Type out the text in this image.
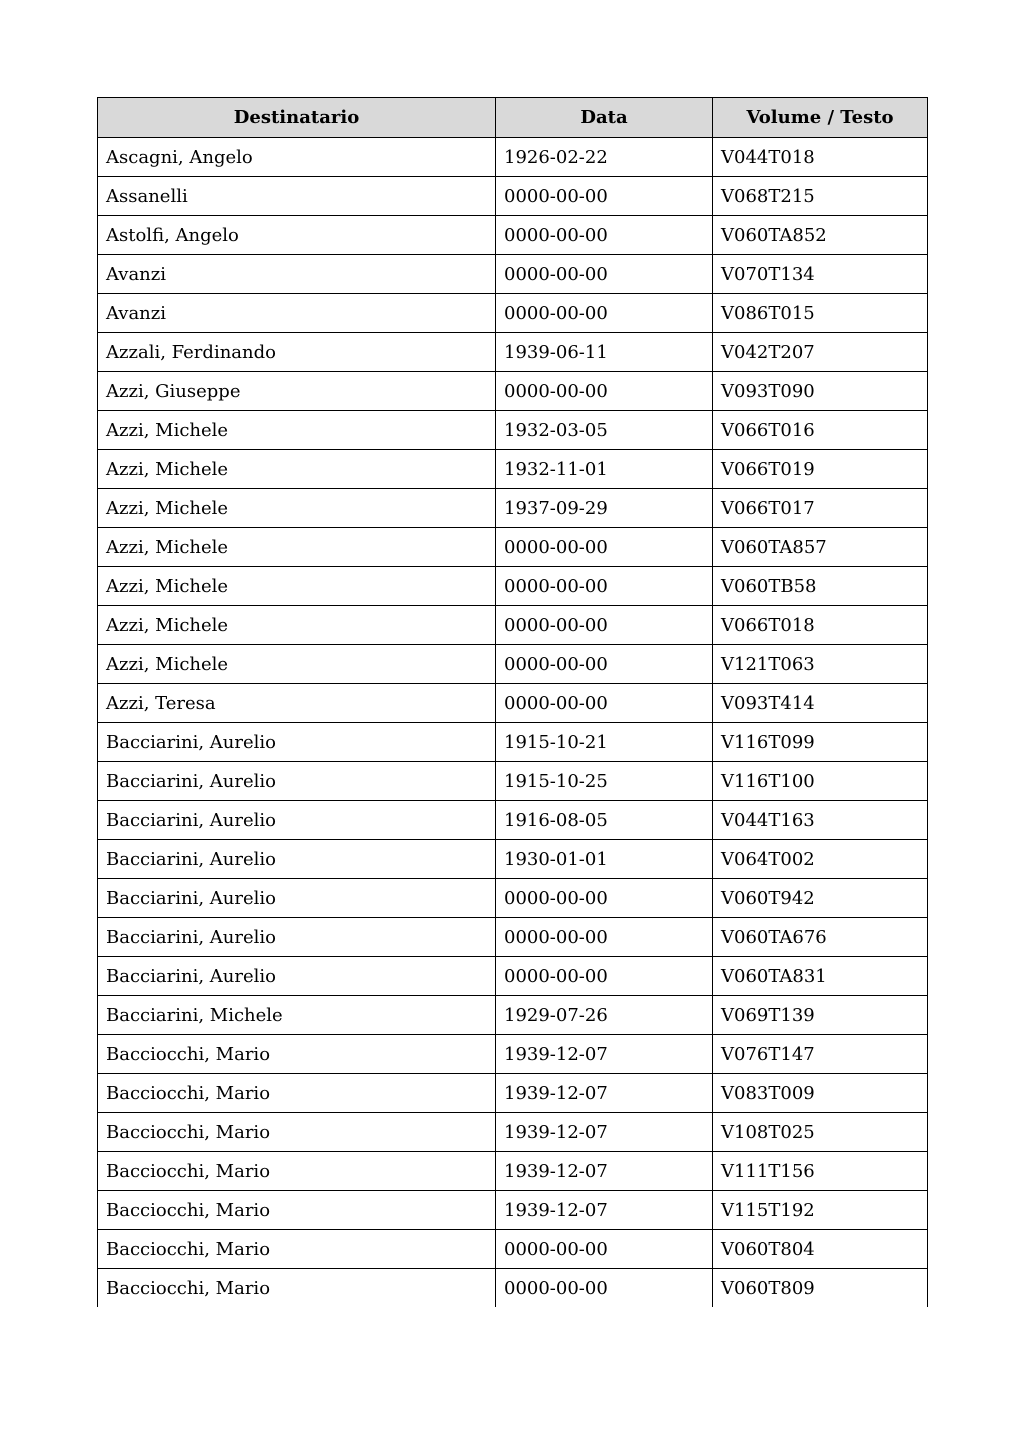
Destinatario	Data	Volume / Testo
Ascagni, Angelo	1926-02-22	V044T018
Assanelli	0000-00-00	V068T215
Astolfi, Angelo	0000-00-00	V060TA852
Avanzi	0000-00-00	V070T134
Avanzi	0000-00-00	V086T015
Azzali, Ferdinando	1939-06-11	V042T207
Azzi, Giuseppe	0000-00-00	V093T090
Azzi, Michele	1932-03-05	V066T016
Azzi, Michele	1932-11-01	V066T019
Azzi, Michele	1937-09-29	V066T017
Azzi, Michele	0000-00-00	V060TA857
Azzi, Michele	0000-00-00	V060TB58
Azzi, Michele	0000-00-00	V066T018
Azzi, Michele	0000-00-00	V121T063
Azzi, Teresa	0000-00-00	V093T414
Bacciarini, Aurelio	1915-10-21	V116T099
Bacciarini, Aurelio	1915-10-25	V116T100
Bacciarini, Aurelio	1916-08-05	V044T163
Bacciarini, Aurelio	1930-01-01	V064T002
Bacciarini, Aurelio	0000-00-00	V060T942
Bacciarini, Aurelio	0000-00-00	V060TA676
Bacciarini, Aurelio	0000-00-00	V060TA831
Bacciarini, Michele	1929-07-26	V069T139
Bacciocchi, Mario	1939-12-07	V076T147
Bacciocchi, Mario	1939-12-07	V083T009
Bacciocchi, Mario	1939-12-07	V108T025
Bacciocchi, Mario	1939-12-07	V111T156
Bacciocchi, Mario	1939-12-07	V115T192
Bacciocchi, Mario	0000-00-00	V060T804
Bacciocchi, Mario	0000-00-00	V060T809
